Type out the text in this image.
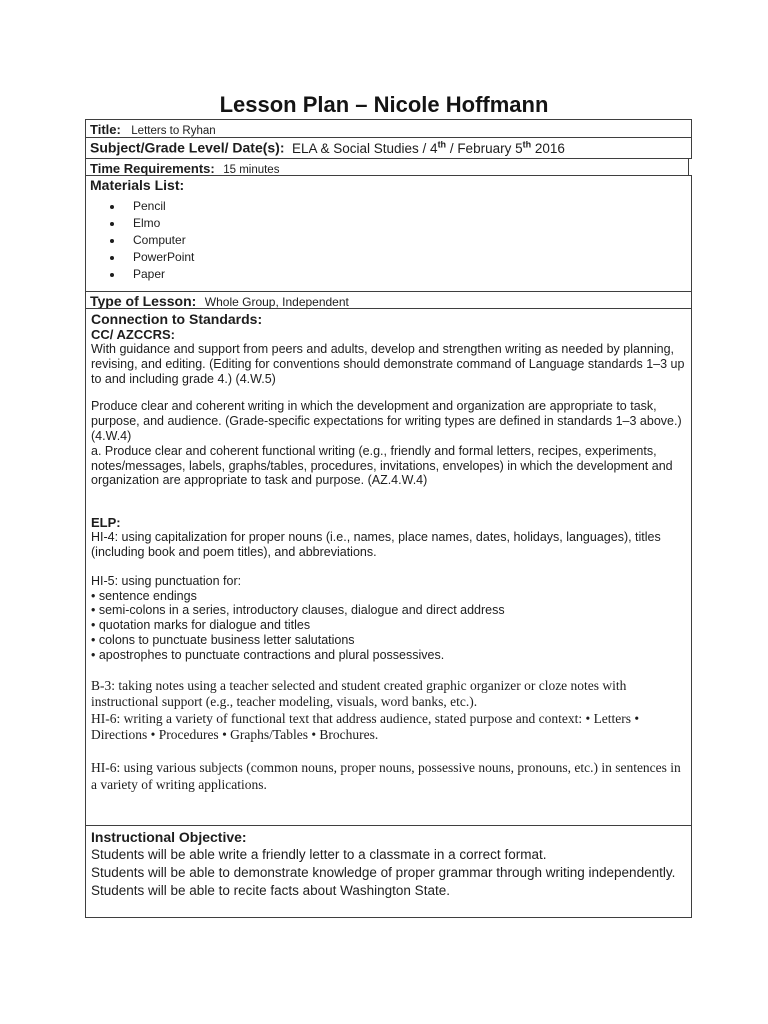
Lesson Plan – Nicole Hoffmann
Title: Letters to Ryhan
Subject/Grade Level/ Date(s): ELA & Social Studies / 4th / February 5th 2016
Time Requirements: 15 minutes
Materials List:
• Pencil
• Elmo
• Computer
• PowerPoint
• Paper
Type of Lesson: Whole Group, Independent
Connection to Standards:
CC/ AZCCRS:
With guidance and support from peers and adults, develop and strengthen writing as needed by planning, revising, and editing. (Editing for conventions should demonstrate command of Language standards 1–3 up to and including grade 4.) (4.W.5)
Produce clear and coherent writing in which the development and organization are appropriate to task, purpose, and audience. (Grade-specific expectations for writing types are defined in standards 1–3 above.) (4.W.4)
a. Produce clear and coherent functional writing (e.g., friendly and formal letters, recipes, experiments, notes/messages, labels, graphs/tables, procedures, invitations, envelopes) in which the development and organization are appropriate to task and purpose. (AZ.4.W.4)
ELP:
HI-4: using capitalization for proper nouns (i.e., names, place names, dates, holidays, languages), titles (including book and poem titles), and abbreviations.
HI-5: using punctuation for:
• sentence endings
• semi-colons in a series, introductory clauses, dialogue and direct address
• quotation marks for dialogue and titles
• colons to punctuate business letter salutations
• apostrophes to punctuate contractions and plural possessives.
B-3: taking notes using a teacher selected and student created graphic organizer or cloze notes with instructional support (e.g., teacher modeling, visuals, word banks, etc.).
HI-6: writing a variety of functional text that address audience, stated purpose and context: • Letters • Directions • Procedures • Graphs/Tables • Brochures.
HI-6: using various subjects (common nouns, proper nouns, possessive nouns, pronouns, etc.) in sentences in a variety of writing applications.
Instructional Objective:
Students will be able write a friendly letter to a classmate in a correct format.
Students will be able to demonstrate knowledge of proper grammar through writing independently.
Students will be able to recite facts about Washington State.
